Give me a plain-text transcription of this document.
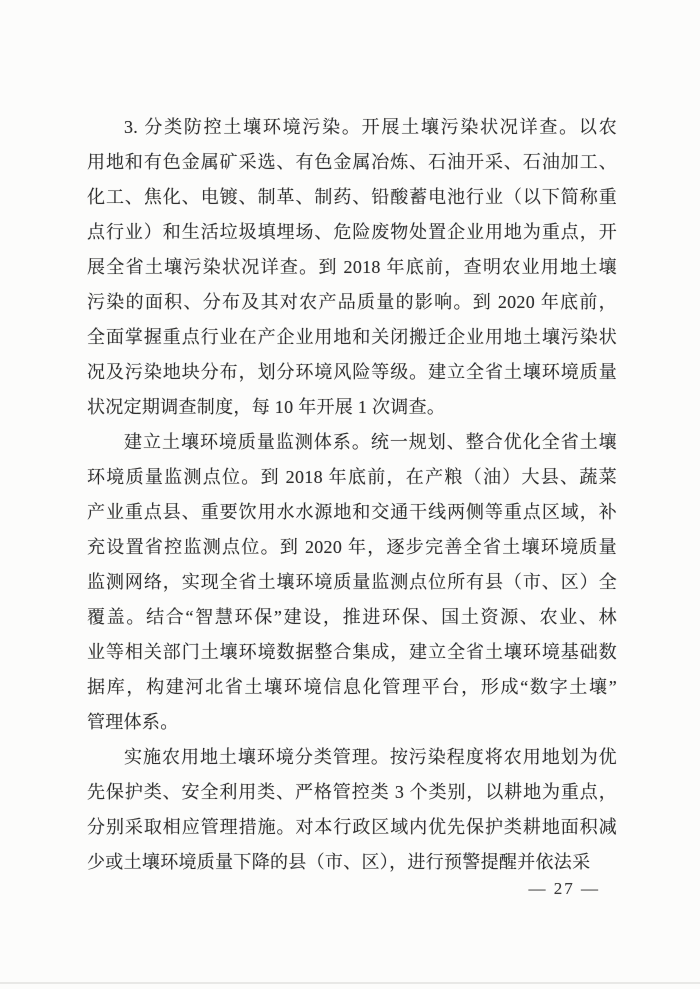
3. 分类防控土壤环境污染。开展土壤污染状况详查。以农
用地和有色金属矿采选、有色金属冶炼、石油开采、石油加工、
化工、焦化、电镀、制革、制药、铅酸蓄电池行业（以下简称重
点行业）和生活垃圾填埋场、危险废物处置企业用地为重点，开
展全省土壤污染状况详查。到 2018 年底前，查明农业用地土壤
污染的面积、分布及其对农产品质量的影响。到 2020 年底前，
全面掌握重点行业在产企业用地和关闭搬迁企业用地土壤污染状
况及污染地块分布，划分环境风险等级。建立全省土壤环境质量
状况定期调查制度，每 10 年开展 1 次调查。
建立土壤环境质量监测体系。统一规划、整合优化全省土壤
环境质量监测点位。到 2018 年底前，在产粮（油）大县、蔬菜
产业重点县、重要饮用水水源地和交通干线两侧等重点区域，补
充设置省控监测点位。到 2020 年，逐步完善全省土壤环境质量
监测网络，实现全省土壤环境质量监测点位所有县（市、区）全
覆盖。结合“智慧环保”建设，推进环保、国土资源、农业、林
业等相关部门土壤环境数据整合集成，建立全省土壤环境基础数
据库，构建河北省土壤环境信息化管理平台，形成“数字土壤”
管理体系。
实施农用地土壤环境分类管理。按污染程度将农用地划为优
先保护类、安全利用类、严格管控类 3 个类别，以耕地为重点，
分别采取相应管理措施。对本行政区域内优先保护类耕地面积减
少或土壤环境质量下降的县（市、区），进行预警提醒并依法采
— 27 —
